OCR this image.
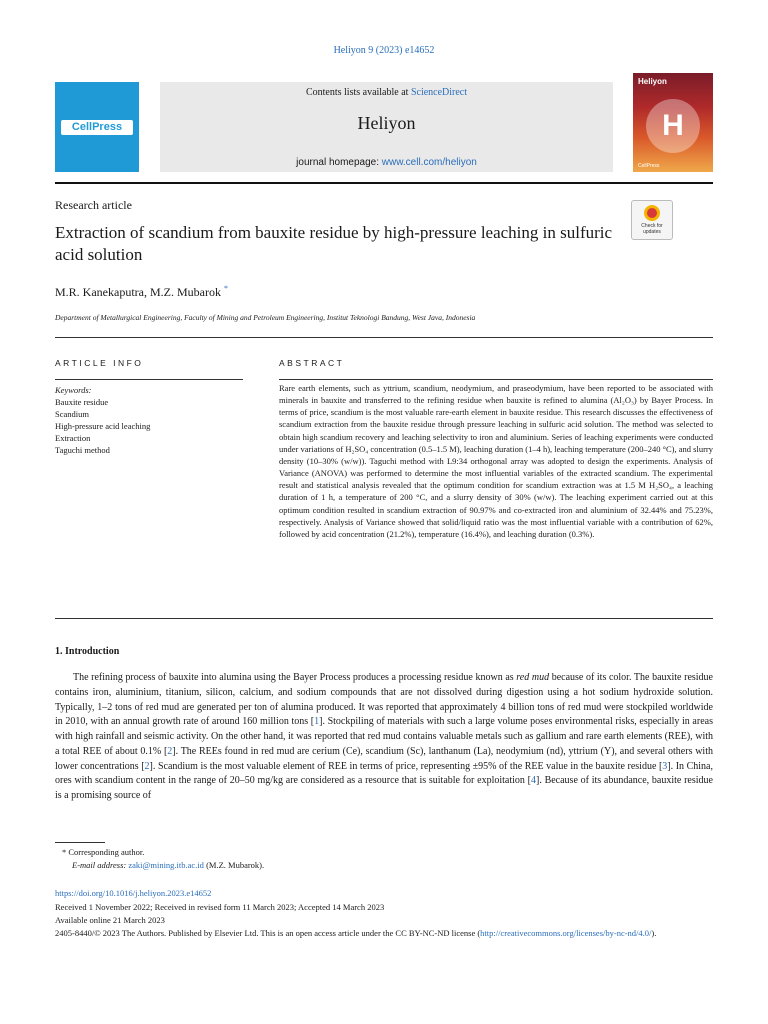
Heliyon 9 (2023) e14652
CellPress
Contents lists available at ScienceDirect
Heliyon
journal homepage: www.cell.com/heliyon
Heliyon
H
CellPress
Research article
Check for updates
Extraction of scandium from bauxite residue by high-pressure leaching in sulfuric acid solution
M.R. Kanekaputra, M.Z. Mubarok *
Department of Metallurgical Engineering, Faculty of Mining and Petroleum Engineering, Institut Teknologi Bandung, West Java, Indonesia
ARTICLE INFO	ABSTRACT
Keywords:
Bauxite residue
Scandium
High-pressure acid leaching
Extraction
Taguchi method
Rare earth elements, such as yttrium, scandium, neodymium, and praseodymium, have been reported to be associated with minerals in bauxite and transferred to the refining residue when bauxite is refined to alumina (Al₂O₃) by Bayer Process. In terms of price, scandium is the most valuable rare-earth element in bauxite residue. This research discusses the effectiveness of scandium extraction from the bauxite residue through pressure leaching in sulfuric acid solution. The method was selected to obtain high scandium recovery and leaching selectivity to iron and aluminium. Series of leaching experiments were conducted under variations of H₂SO₄ concentration (0.5–1.5 M), leaching duration (1–4 h), leaching temperature (200–240 °C), and slurry density (10–30% (w/w)). Taguchi method with L9:34 orthogonal array was adopted to design the experiments. Analysis of Variance (ANOVA) was performed to determine the most influential variables of the extracted scandium. The experimental result and statistical analysis revealed that the optimum condition for scandium extraction was at 1.5 M H₂SO₄, a leaching duration of 1 h, a temperature of 200 °C, and a slurry density of 30% (w/w). The leaching experiment carried out at this optimum condition resulted in scandium extraction of 90.97% and co-extracted iron and aluminium of 32.44% and 75.23%, respectively. Analysis of Variance showed that solid/liquid ratio was the most influential variable with a contribution of 62%, followed by acid concentration (21.2%), temperature (16.4%), and leaching duration (0.3%).
1. Introduction
The refining process of bauxite into alumina using the Bayer Process produces a processing residue known as red mud because of its color. The bauxite residue contains iron, aluminium, titanium, silicon, calcium, and sodium compounds that are not dissolved during digestion using a hot sodium hydroxide solution. Typically, 1–2 tons of red mud are generated per ton of alumina produced. It was reported that approximately 4 billion tons of red mud were stockpiled worldwide in 2010, with an annual growth rate of around 160 million tons [1]. Stockpiling of materials with such a large volume poses environmental risks, especially in areas with high rainfall and seismic activity. On the other hand, it was reported that red mud contains valuable metals such as gallium and rare earth elements (REE), with a total REE of about 0.1% [2]. The REEs found in red mud are cerium (Ce), scandium (Sc), lanthanum (La), neodymium (nd), yttrium (Y), and several others with lower concentrations [2]. Scandium is the most valuable element of REE in terms of price, representing ±95% of the REE value in the bauxite residue [3]. In China, ores with scandium content in the range of 20–50 mg/kg are considered as a resource that is suitable for exploitation [4]. Because of its abundance, bauxite residue is a promising source of
* Corresponding author.
E-mail address: zaki@mining.itb.ac.id (M.Z. Mubarok).
https://doi.org/10.1016/j.heliyon.2023.e14652
Received 1 November 2022; Received in revised form 11 March 2023; Accepted 14 March 2023
Available online 21 March 2023
2405-8440/© 2023 The Authors. Published by Elsevier Ltd. This is an open access article under the CC BY-NC-ND license (http://creativecommons.org/licenses/by-nc-nd/4.0/).
